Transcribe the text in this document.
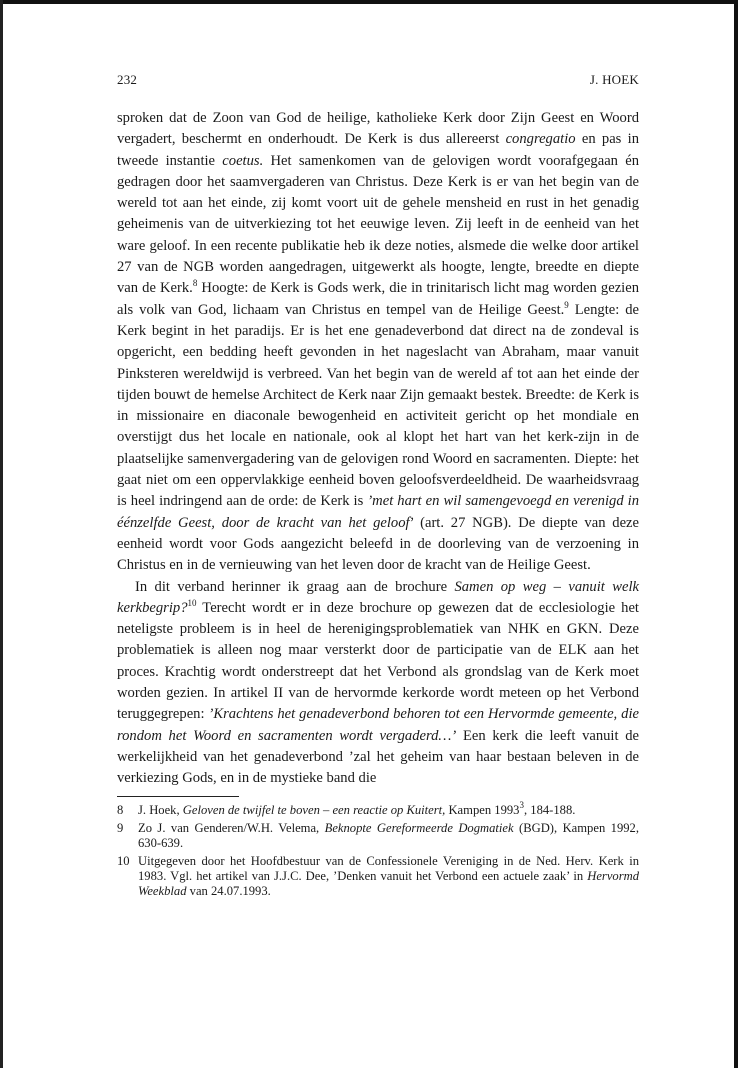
232	J. HOEK

sproken dat de Zoon van God de heilige, katholieke Kerk door Zijn Geest en Woord vergadert, beschermt en onderhoudt. De Kerk is dus allereerst congregatio en pas in tweede instantie coetus. Het samenkomen van de gelovigen wordt voorafgegaan én gedragen door het saamvergaderen van Christus. Deze Kerk is er van het begin van de wereld tot aan het einde, zij komt voort uit de gehele mensheid en rust in het genadig geheimenis van de uitverkiezing tot het eeuwige leven. Zij leeft in de eenheid van het ware geloof. In een recente publikatie heb ik deze noties, alsmede die welke door artikel 27 van de NGB worden aangedragen, uitgewerkt als hoogte, lengte, breedte en diepte van de Kerk.$^8$ Hoogte: de Kerk is Gods werk, die in trinitarisch licht mag worden gezien als volk van God, lichaam van Christus en tempel van de Heilige Geest.$^9$ Lengte: de Kerk begint in het paradijs. Er is het ene genadeverbond dat direct na de zondeval is opgericht, een bedding heeft gevonden in het nageslacht van Abraham, maar vanuit Pinksteren wereldwijd is verbreed. Van het begin van de wereld af tot aan het einde der tijden bouwt de hemelse Architect de Kerk naar Zijn gemaakt bestek. Breedte: de Kerk is in missionaire en diaconale bewogenheid en activiteit gericht op het mondiale en overstijgt dus het locale en nationale, ook al klopt het hart van het kerk-zijn in de plaatselijke samenvergadering van de gelovigen rond Woord en sacramenten. Diepte: het gaat niet om een oppervlakkige eenheid boven geloofsverdeeldheid. De waarheidsvraag is heel indringend aan de orde: de Kerk is ’met hart en wil samengevoegd en verenigd in éénzelfde Geest, door de kracht van het geloof’ (art. 27 NGB). De diepte van deze eenheid wordt voor Gods aangezicht beleefd in de doorleving van de verzoening in Christus en in de vernieuwing van het leven door de kracht van de Heilige Geest.

In dit verband herinner ik graag aan de brochure Samen op weg – vanuit welk kerkbegrip?$^{10}$ Terecht wordt er in deze brochure op gewezen dat de ecclesiologie het neteligste probleem is in heel de herenigingsproblematiek van NHK en GKN. Deze problematiek is alleen nog maar versterkt door de participatie van de ELK aan het proces. Krachtig wordt onderstreept dat het Verbond als grondslag van de Kerk moet worden gezien. In artikel II van de hervormde kerkorde wordt meteen op het Verbond teruggegrepen: ’Krachtens het genadeverbond behoren tot een Hervormde gemeente, die rondom het Woord en sacramenten wordt vergaderd…’ Een kerk die leeft vanuit de werkelijkheid van het genadeverbond ’zal het geheim van haar bestaan beleven in de verkiezing Gods, en in de mystieke band die

8	J. Hoek, Geloven de twijfel te boven – een reactie op Kuitert, Kampen 1993$^3$, 184-188.
9	Zo J. van Genderen/W.H. Velema, Beknopte Gereformeerde Dogmatiek (BGD), Kampen 1992, 630-639.
10 Uitgegeven door het Hoofdbestuur van de Confessionele Vereniging in de Ned. Herv. Kerk in 1983. Vgl. het artikel van J.J.C. Dee, ’Denken vanuit het Verbond een actuele zaak’ in Hervormd Weekblad van 24.07.1993.
